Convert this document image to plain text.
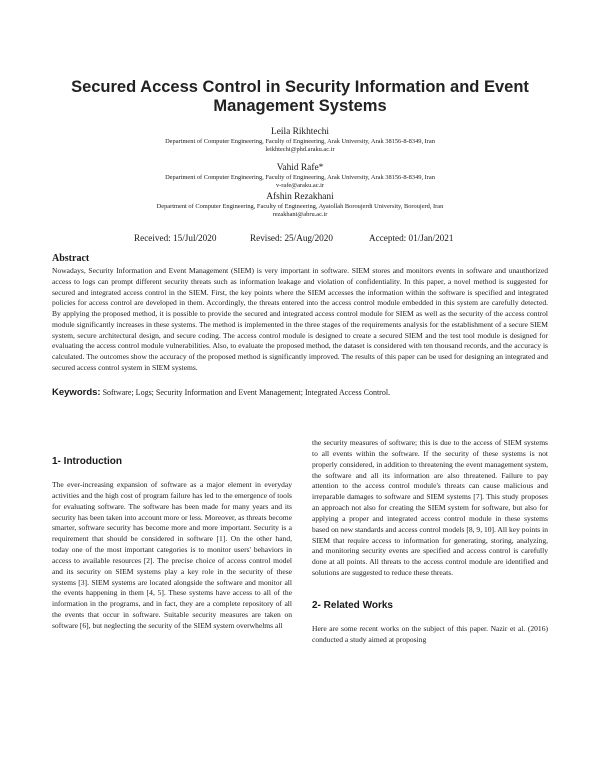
Secured Access Control in Security Information and Event Management Systems
Leila Rikhtechi
Department of Computer Engineering, Faculty of Engineering, Arak University, Arak 38156-8-8349, Iran
leikhtechi@phd.araku.ac.ir
Vahid Rafe*
Department of Computer Engineering, Faculty of Engineering, Arak University, Arak 38156-8-8349, Iran
v-rafe@araku.ac.ir
Afshin Rezakhani
Department of Computer Engineering, Faculty of Engineering, Ayatollah Boroujerdi University, Boroujerd, Iran
rezakhani@abru.ac.ir
Received: 15/Jul/2020	Revised: 25/Aug/2020	Accepted: 01/Jan/2021
Abstract

Nowadays, Security Information and Event Management (SIEM) is very important in software. SIEM stores and monitors events in software and unauthorized access to logs can prompt different security threats such as information leakage and violation of confidentiality. In this paper, a novel method is suggested for secured and integrated access control in the SIEM. First, the key points where the SIEM accesses the information within the software is specified and integrated policies for access control are developed in them. Accordingly, the threats entered into the access control module embedded in this system are carefully detected. By applying the proposed method, it is possible to provide the secured and integrated access control module for SIEM as well as the security of the access control module significantly increases in these systems. The method is implemented in the three stages of the requirements analysis for the establishment of a secure SIEM system, secure architectural design, and secure coding. The access control module is designed to create a secured SIEM and the test tool module is designed for evaluating the access control module vulnerabilities. Also, to evaluate the proposed method, the dataset is considered with ten thousand records, and the accuracy is calculated. The outcomes show the accuracy of the proposed method is significantly improved. The results of this paper can be used for designing an integrated and secured access control system in SIEM systems.

Keywords: Software; Logs; Security Information and Event Management; Integrated Access Control.
1- Introduction

The ever-increasing expansion of software as a major element in everyday activities and the high cost of program failure has led to the emergence of tools for evaluating software. The software has been made for many years and its security has been taken into account more or less. Moreover, as threats become smarter, software security has become more and more important. Security is a requirement that should be considered in software [1]. On the other hand, today one of the most important categories is to monitor users' behaviors in access to available resources [2]. The precise choice of access control model and its security on SIEM systems play a key role in the security of these systems [3]. SIEM systems are located alongside the software and monitor all the events happening in them [4, 5]. These systems have access to all of the information in the programs, and in fact, they are a complete repository of all the events that occur in software. Suitable security measures are taken on software [6], but neglecting the security of the SIEM system overwhelms all

the security measures of software; this is due to the access of SIEM systems to all events within the software. If the security of these systems is not properly considered, in addition to threatening the event management system, the software and all its information are also threatened. Failure to pay attention to the access control module's threats can cause malicious and irreparable damages to software and SIEM systems [7]. This study proposes an approach not also for creating the SIEM system for software, but also for applying a proper and integrated access control module in these systems based on new standards and access control models [8, 9, 10]. All key points in SIEM that require access to information for generating, storing, analyzing, and monitoring security events are specified and access control is carefully done at all points. All threats to the access control module are identified and solutions are suggested to reduce these threats.

2- Related Works

Here are some recent works on the subject of this paper. Nazir et al. (2016) conducted a study aimed at proposing
